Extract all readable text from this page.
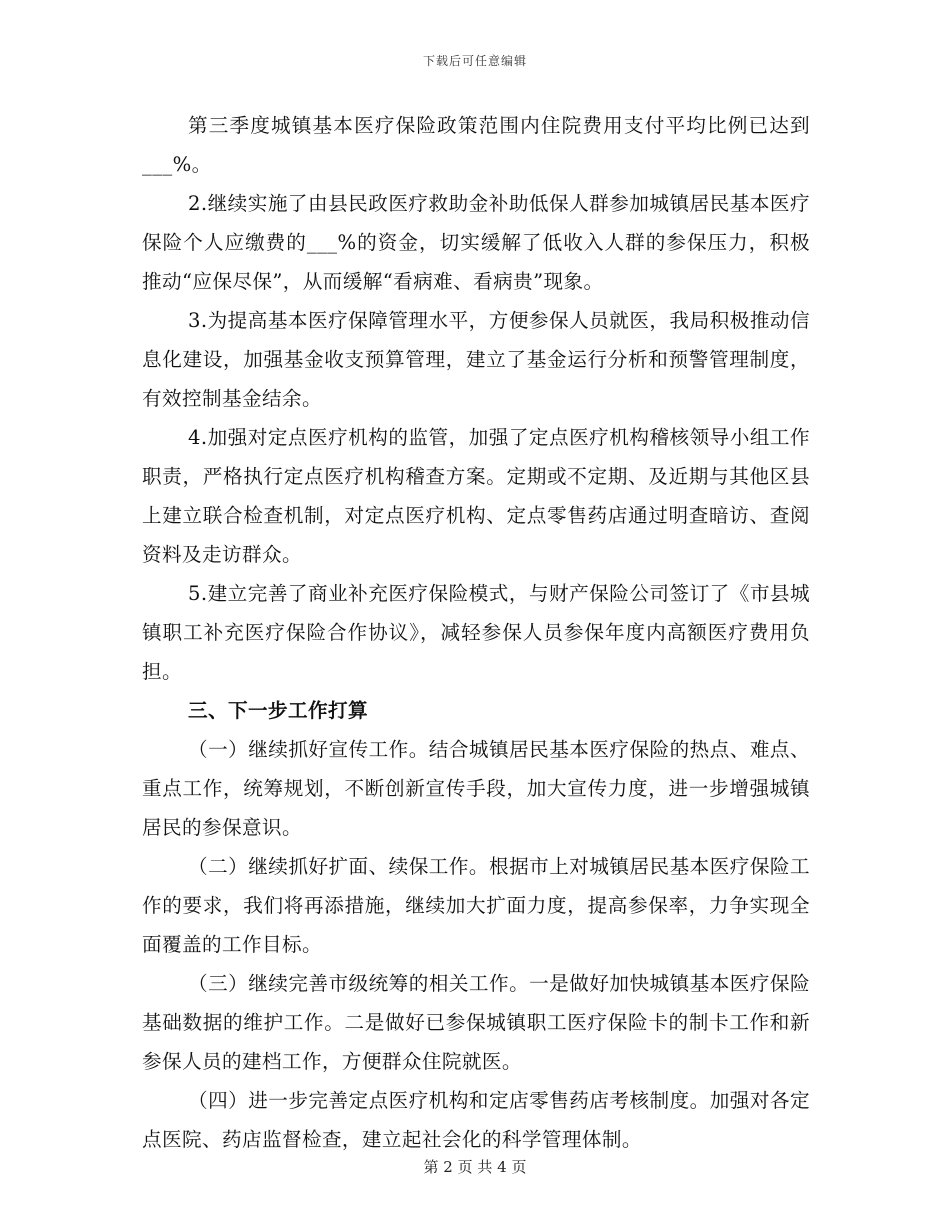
下载后可任意编辑

第三季度城镇基本医疗保险政策范围内住院费用支付平均比例已达到___%。

2.继续实施了由县民政医疗救助金补助低保人群参加城镇居民基本医疗保险个人应缴费的___%的资金，切实缓解了低收入人群的参保压力，积极推动“应保尽保”，从而缓解“看病难、看病贵”现象。

3.为提高基本医疗保障管理水平，方便参保人员就医，我局积极推动信息化建设，加强基金收支预算管理，建立了基金运行分析和预警管理制度，有效控制基金结余。

4.加强对定点医疗机构的监管，加强了定点医疗机构稽核领导小组工作职责，严格执行定点医疗机构稽查方案。定期或不定期、及近期与其他区县上建立联合检查机制，对定点医疗机构、定点零售药店通过明查暗访、查阅资料及走访群众。

5.建立完善了商业补充医疗保险模式，与财产保险公司签订了《市县城镇职工补充医疗保险合作协议》，减轻参保人员参保年度内高额医疗费用负担。

三、下一步工作打算

（一）继续抓好宣传工作。结合城镇居民基本医疗保险的热点、难点、重点工作，统筹规划，不断创新宣传手段，加大宣传力度，进一步增强城镇居民的参保意识。

（二）继续抓好扩面、续保工作。根据市上对城镇居民基本医疗保险工作的要求，我们将再添措施，继续加大扩面力度，提高参保率，力争实现全面覆盖的工作目标。

（三）继续完善市级统筹的相关工作。一是做好加快城镇基本医疗保险基础数据的维护工作。二是做好已参保城镇职工医疗保险卡的制卡工作和新参保人员的建档工作，方便群众住院就医。

（四）进一步完善定点医疗机构和定店零售药店考核制度。加强对各定点医院、药店监督检查，建立起社会化的科学管理体制。

第 2 页 共 4 页
